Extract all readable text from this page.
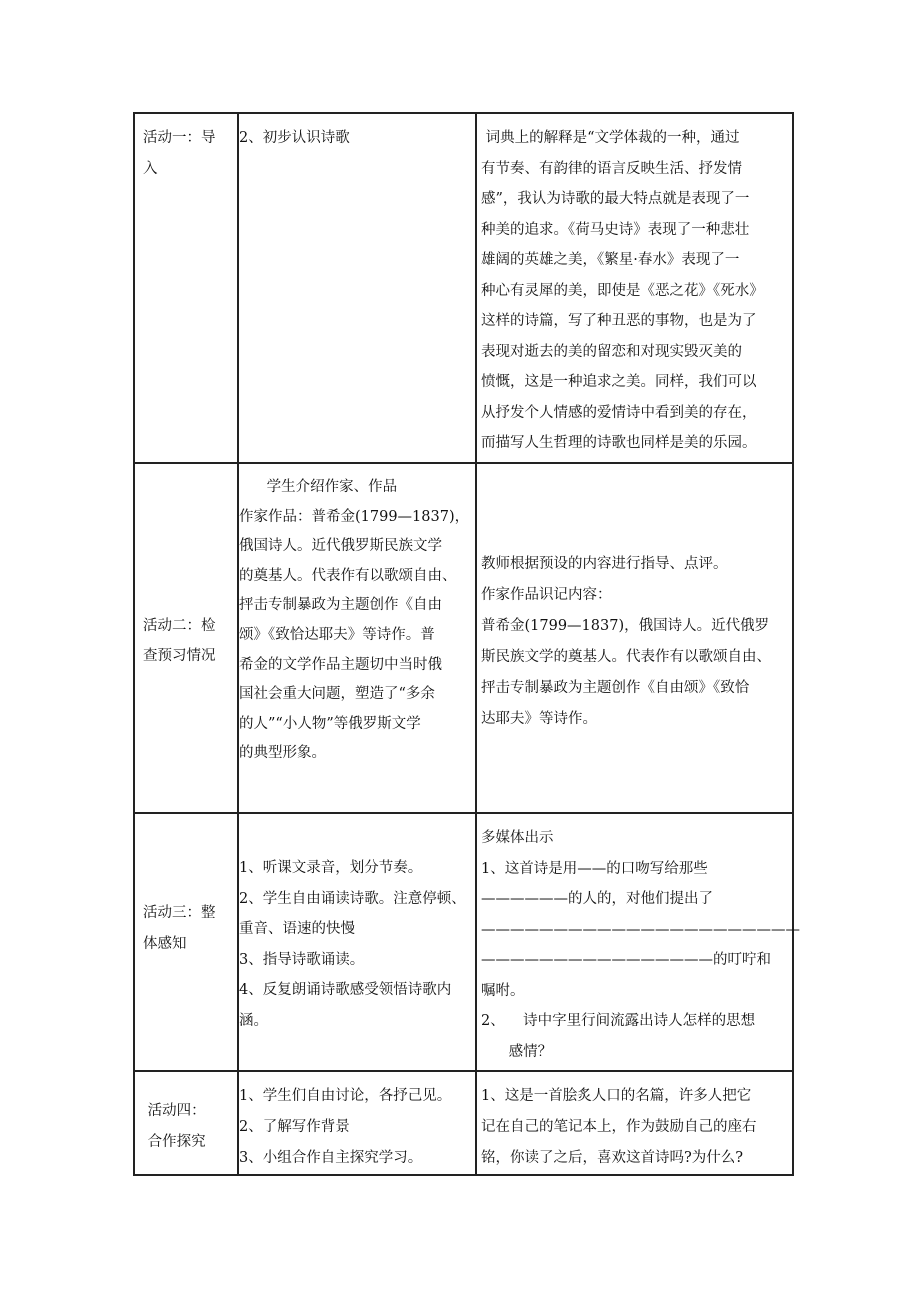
活动一：导
入
2、初步认识诗歌	词典上的解释是“文学体裁的一种，通过
有节奏、有韵律的语言反映生活、抒发情
感”，我认为诗歌的最大特点就是表现了一
种美的追求。《荷马史诗》表现了一种悲壮
雄阔的英雄之美，《繁星·春水》表现了一
种心有灵犀的美，即使是《恶之花》《死水》
这样的诗篇，写了种丑恶的事物，也是为了
表现对逝去的美的留恋和对现实毁灭美的
愤慨，这是一种追求之美。同样，我们可以
从抒发个人情感的爱情诗中看到美的存在，
而描写人生哲理的诗歌也同样是美的乐园。
活动二：检
查预习情况
学生介绍作家、作品
作家作品：普希金(1799—1837)，
俄国诗人。近代俄罗斯民族文学
的奠基人。代表作有以歌颂自由、
抨击专制暴政为主题创作《自由
颂》《致恰达耶夫》等诗作。普
希金的文学作品主题切中当时俄
国社会重大问题，塑造了“多余
的人”“小人物”等俄罗斯文学
的典型形象。
教师根据预设的内容进行指导、点评。
作家作品识记内容：
普希金(1799—1837)，俄国诗人。近代俄罗
斯民族文学的奠基人。代表作有以歌颂自由、
抨击专制暴政为主题创作《自由颂》《致恰
达耶夫》等诗作。
活动三：整
体感知
1、听课文录音，划分节奏。
2、学生自由诵读诗歌。注意停顿、
重音、语速的快慢
3、指导诗歌诵读。
4、反复朗诵诗歌感受领悟诗歌内
涵。
多媒体出示
1、这首诗是用——的口吻写给那些
——————的人的，对他们提出了
——————————————————————
————————————————的叮咛和
嘱咐。
2、    诗中字里行间流露出诗人怎样的思想
感情？
活动四：
合作探究
1、学生们自由讨论，各抒己见。
2、了解写作背景
3、小组合作自主探究学习。
1、这是一首脍炙人口的名篇，许多人把它
记在自己的笔记本上，作为鼓励自己的座右
铭，你读了之后，喜欢这首诗吗?为什么?
